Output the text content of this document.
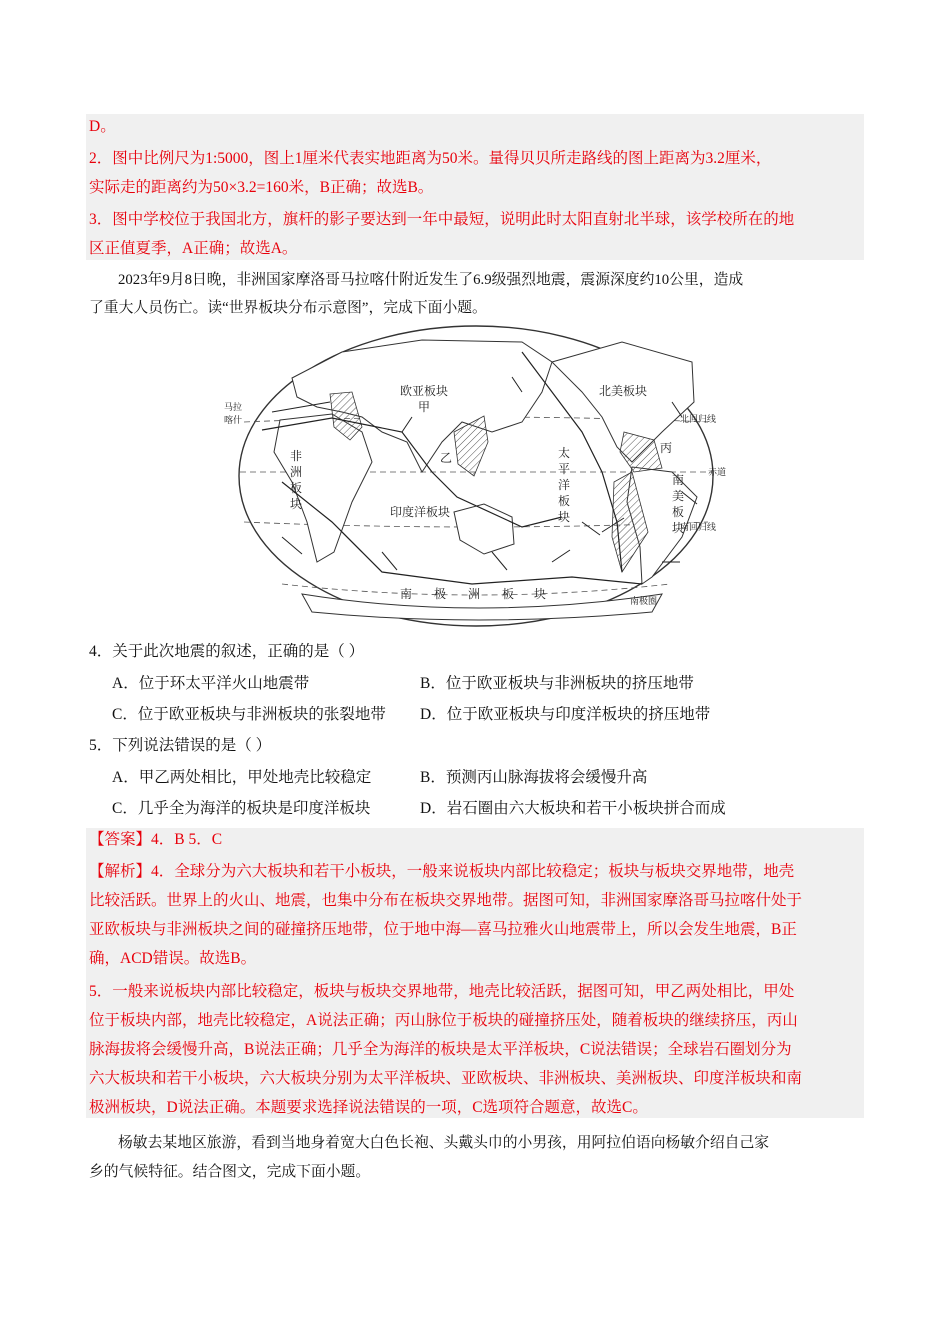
D。
2．图中比例尺为1:5000，图上1厘米代表实地距离为50米。量得贝贝所走路线的图上距离为3.2厘米，
实际走的距离约为50×3.2=160米，B正确；故选B。
3．图中学校位于我国北方，旗杆的影子要达到一年中最短，说明此时太阳直射北半球，该学校所在的地
区正值夏季，A正确；故选A。
2023年9月8日晚，非洲国家摩洛哥马拉喀什附近发生了6.9级强烈地震，震源深度约10公里，造成
了重大人员伤亡。读“世界板块分布示意图”，完成下面小题。
欧亚板块
甲
北美板块
印度洋板块
乙
丙
马拉
喀什
非
洲
板
块
太
平
洋
板
块
南
美
板
块
南 极 洲 板 块
赤道
北回归线
南回归线
南极圈
4．关于此次地震的叙述，正确的是（ ）
A．位于环太平洋火山地震带	B．位于欧亚板块与非洲板块的挤压地带
C．位于欧亚板块与非洲板块的张裂地带 D．位于欧亚板块与印度洋板块的挤压地带
5．下列说法错误的是（ ）
A．甲乙两处相比，甲处地壳比较稳定	B．预测丙山脉海拔将会缓慢升高
C．几乎全为海洋的板块是印度洋板块	D．岩石圈由六大板块和若干小板块拼合而成
【答案】4．B 5．C
【解析】4．全球分为六大板块和若干小板块，一般来说板块内部比较稳定；板块与板块交界地带，地壳
比较活跃。世界上的火山、地震，也集中分布在板块交界地带。据图可知，非洲国家摩洛哥马拉喀什处于
亚欧板块与非洲板块之间的碰撞挤压地带，位于地中海—喜马拉雅火山地震带上，所以会发生地震，B正
确，ACD错误。故选B。
5．一般来说板块内部比较稳定，板块与板块交界地带，地壳比较活跃，据图可知，甲乙两处相比，甲处
位于板块内部，地壳比较稳定，A说法正确；丙山脉位于板块的碰撞挤压处，随着板块的继续挤压，丙山
脉海拔将会缓慢升高，B说法正确；几乎全为海洋的板块是太平洋板块，C说法错误；全球岩石圈划分为
六大板块和若干小板块，六大板块分别为太平洋板块、亚欧板块、非洲板块、美洲板块、印度洋板块和南
极洲板块，D说法正确。本题要求选择说法错误的一项，C选项符合题意，故选C。
杨敏去某地区旅游，看到当地身着宽大白色长袍、头戴头巾的小男孩，用阿拉伯语向杨敏介绍自己家
乡的气候特征。结合图文，完成下面小题。
